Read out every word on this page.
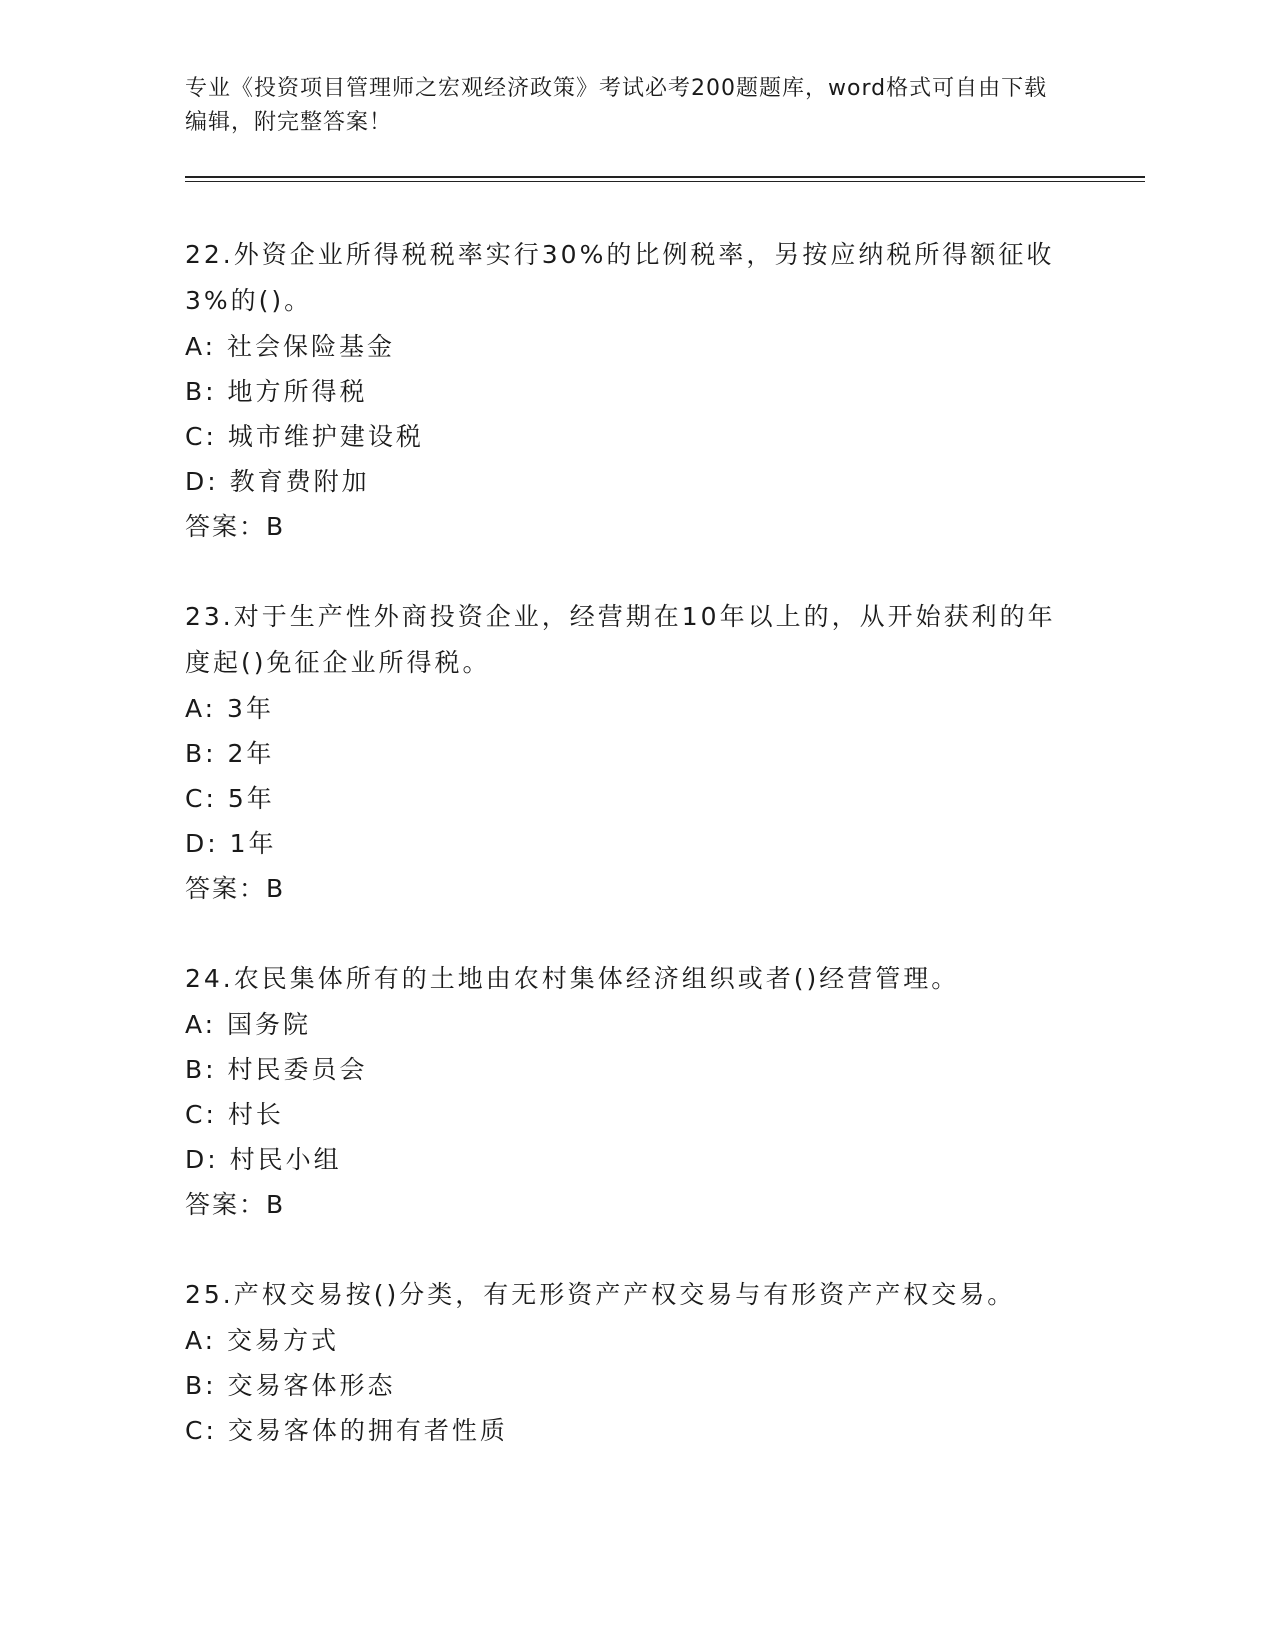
专业《投资项目管理师之宏观经济政策》考试必考200题题库，word格式可自由下载编辑，附完整答案！

22.外资企业所得税税率实行30%的比例税率，另按应纳税所得额征收3%的()。

A: 社会保险基金

B: 地方所得税

C: 城市维护建设税

D: 教育费附加

答案：B

23.对于生产性外商投资企业，经营期在10年以上的，从开始获利的年度起()免征企业所得税。

A: 3年

B: 2年

C: 5年

D: 1年

答案：B

24.农民集体所有的土地由农村集体经济组织或者()经营管理。

A: 国务院

B: 村民委员会

C: 村长

D: 村民小组

答案：B

25.产权交易按()分类，有无形资产产权交易与有形资产产权交易。

A: 交易方式

B: 交易客体形态

C: 交易客体的拥有者性质
